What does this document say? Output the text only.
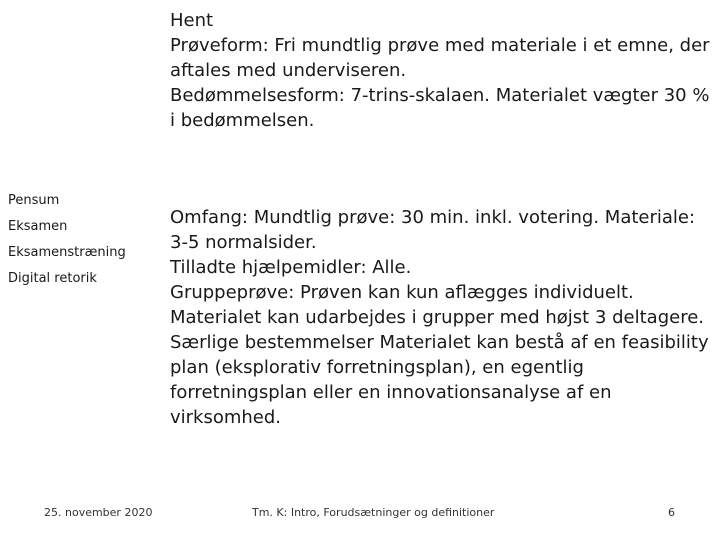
Pensum
Eksamen
Eksamenstræning
Digital retorik

Hent

Prøveform: Fri mundtlig prøve med materiale i et emne, der aftales med underviseren.

Bedømmelsesform: 7-trins-skalaen. Materialet vægter 30 % i bedømmelsen.

Omfang: Mundtlig prøve: 30 min. inkl. votering. Materiale: 3-5 normalsider.

Tilladte hjælpemidler: Alle.

Gruppeprøve: Prøven kan kun aflægges individuelt. Materialet kan udarbejdes i grupper med højst 3 deltagere.

Særlige bestemmelser Materialet kan bestå af en feasibility plan (eksplorativ forretningsplan), en egentlig forretningsplan eller en innovationsanalyse af en virksomhed.

25. november 2020	Tm. K: Intro, Forudsætninger og definitioner	6
